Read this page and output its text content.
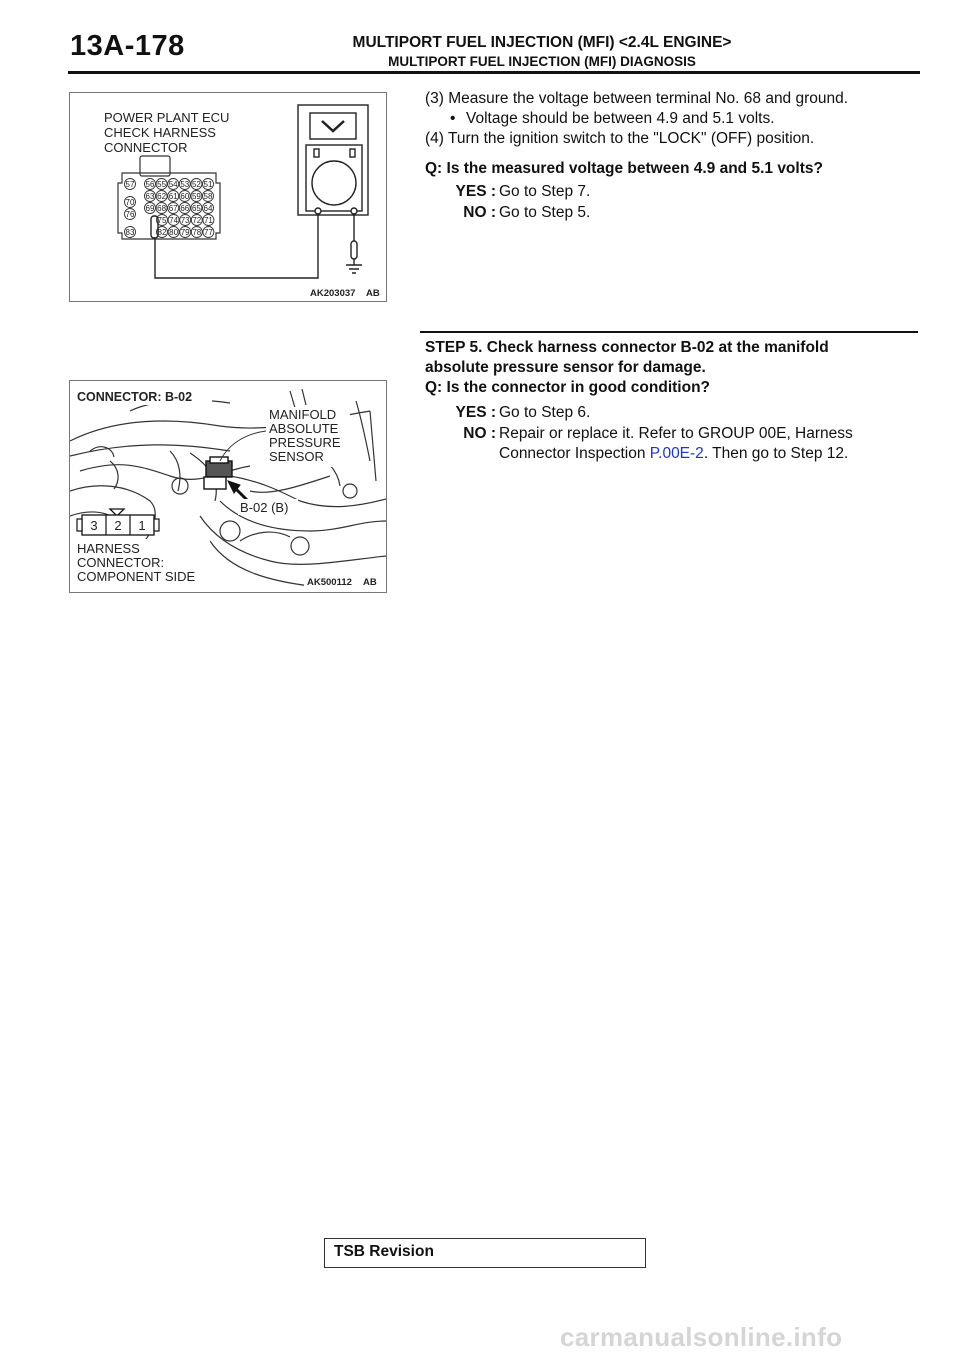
13A-178	MULTIPORT FUEL INJECTION (MFI) <2.4L ENGINE>
MULTIPORT FUEL INJECTION (MFI) DIAGNOSIS
POWER PLANT ECU
CHECK HARNESS
CONNECTOR
56 55 54 53 52 51
63 62 61 60 59 58
69 68 67 66 65 64
75 74 73 72 71
82 80 79 78 77
57
70
76
83
AK203037 AB
(3) Measure the voltage between terminal No. 68 and ground.
• Voltage should be between 4.9 and 5.1 volts.
(4) Turn the ignition switch to the "LOCK" (OFF) position.
Q: Is the measured voltage between 4.9 and 5.1 volts?
YES : Go to Step 7.
NO : Go to Step 5.
STEP 5. Check harness connector B-02 at the manifold
absolute pressure sensor for damage.
Q: Is the connector in good condition?
YES : Go to Step 6.
NO : Repair or replace it. Refer to GROUP 00E, Harness
Connector Inspection P.00E-2. Then go to Step 12.
CONNECTOR: B-02
MANIFOLD
ABSOLUTE
PRESSURE
SENSOR
B-02 (B)
3 2 1
HARNESS
CONNECTOR:
COMPONENT SIDE	AK500112 AB
TSB Revision
carmanualsonline.info
